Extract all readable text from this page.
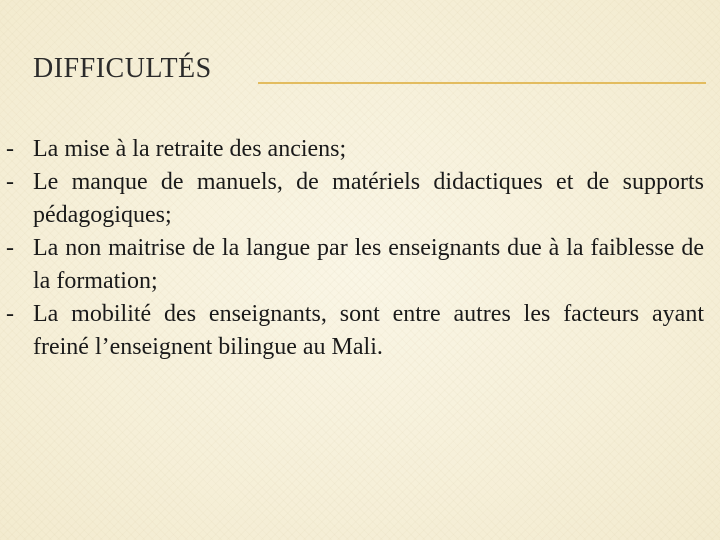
DIFFICULTÉS
- La mise à la retraite des anciens;
- Le manque de manuels, de matériels didactiques et de supports pédagogiques;
- La non maitrise de la langue par les enseignants due à la faiblesse de la formation;
- La mobilité des enseignants, sont entre autres les facteurs ayant freiné l’enseignent bilingue au Mali.
